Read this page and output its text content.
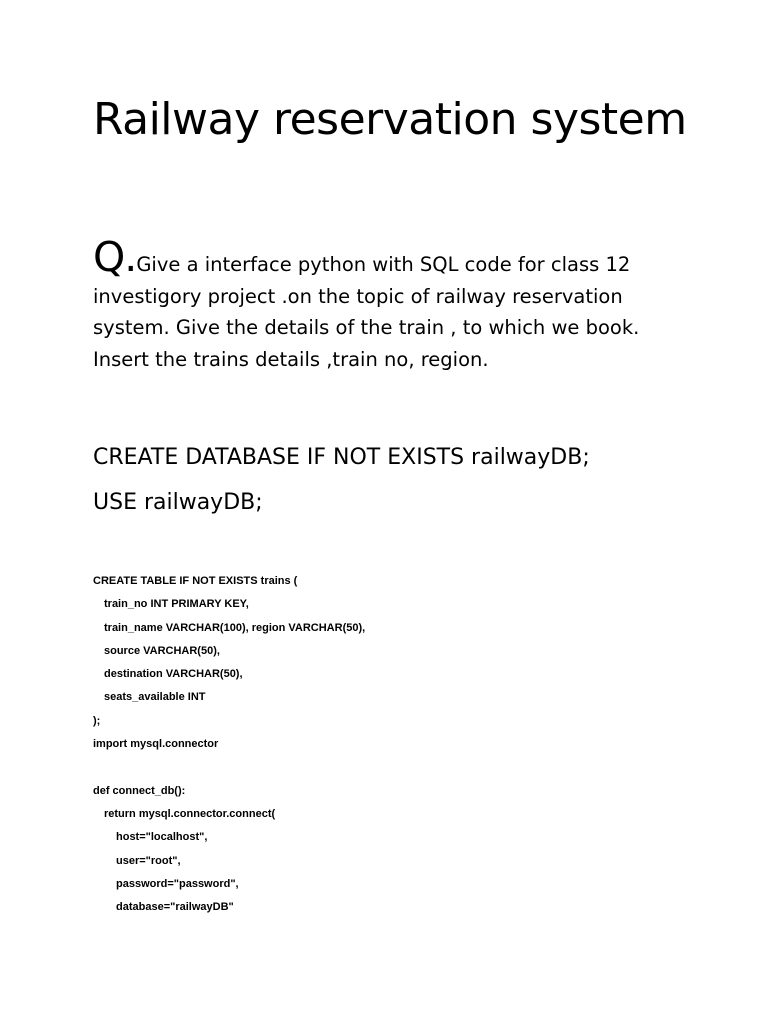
Railway reservation system
Q.Give a interface python with SQL code for class 12
investigory project .on the topic of railway reservation
system. Give the details of the train , to which we book.
Insert the trains details ,train no, region.

CREATE DATABASE IF NOT EXISTS railwayDB;

USE railwayDB;

CREATE TABLE IF NOT EXISTS trains (
train_no INT PRIMARY KEY,
train_name VARCHAR(100), region VARCHAR(50),
source VARCHAR(50),
destination VARCHAR(50),
seats_available INT
);
import mysql.connector
def connect_db():
return mysql.connector.connect(
host="localhost",
user="root",
password="password",
database="railwayDB"
